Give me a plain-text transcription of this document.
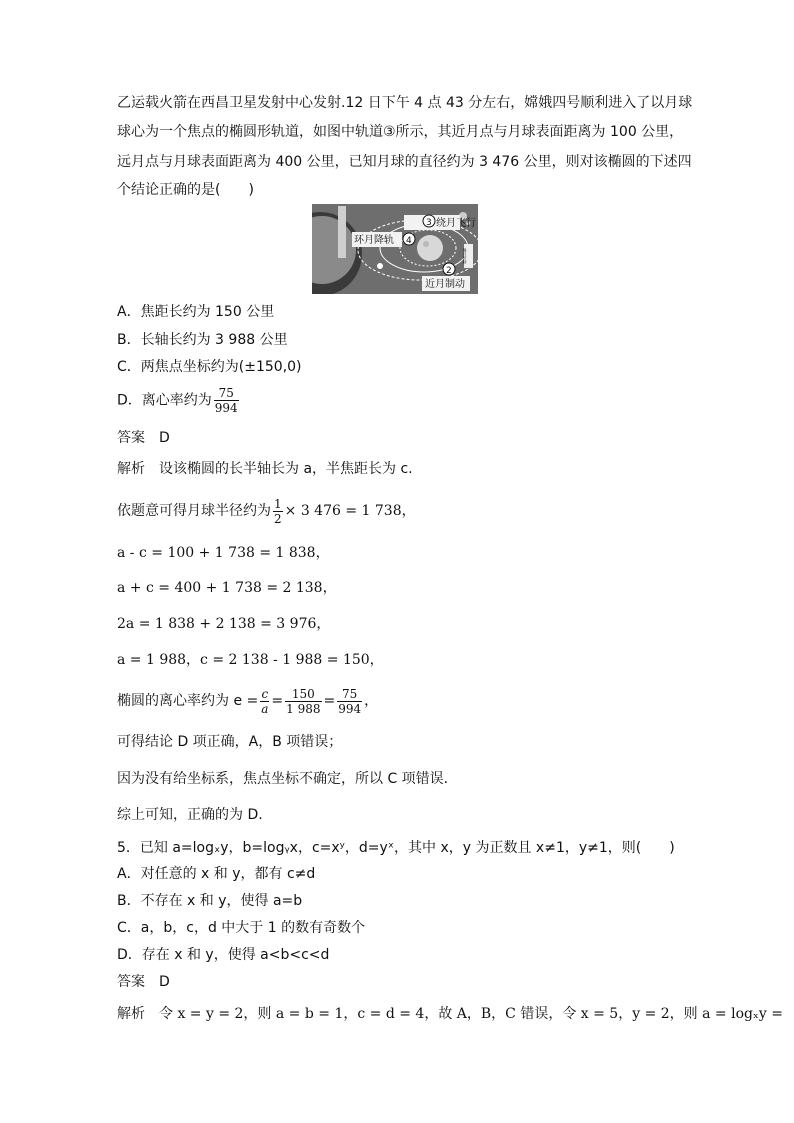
乙运载火箭在西昌卫星发射中心发射.12 日下午 4 点 43 分左右，嫦娥四号顺利进入了以月球
球心为一个焦点的椭圆形轨道，如图中轨道③所示，其近月点与月球表面距离为 100 公里，
远月点与月球表面距离为 400 公里，已知月球的直径约为 3 476 公里，则对该椭圆的下述四
个结论正确的是(　　)
绕月飞行
环月降轨
近月制动
3
4
2
地月转移
A．焦距长约为 150 公里
B．长轴长约为 3 988 公里
C．两焦点坐标约为(±150,0)
D．离心率约为 $\frac{75}{994}$
答案 D
解析 设该椭圆的长半轴长为 a，半焦距长为 c.
依题意可得月球半径约为 $\frac{1}{2} \times 3$ 476 = 1 738，
a - c = 100 + 1 738 = 1 838，
a + c = 400 + 1 738 = 2 138，
2a = 1 838 + 2 138 = 3 976，
a = 1 988，c = 2 138 - 1 988 = 150，
椭圆的离心率约为 $e = \frac{c}{a} = \frac{150}{1 988} = \frac{75}{994}$ ，
可得结论 D 项正确，A，B 项错误；
因为没有给坐标系，焦点坐标不确定，所以 C 项错误．
综上可知，正确的为 D.
5．已知 a=logₓy，b=logᵧx，c=xʸ，d=yˣ，其中 x，y 为正数且 x≠1，y≠1，则(　　)
A．对任意的 x 和 y，都有 c≠d
B．不存在 x 和 y，使得 a=b
C．a，b，c，d 中大于 1 的数有奇数个
D．存在 x 和 y，使得 a<b<c<d
答案 D
解析 令 x = y = 2，则 a = b = 1，c = d = 4，故 A，B，C 错误，令 x = 5，y = 2，则 a = logₓy =
